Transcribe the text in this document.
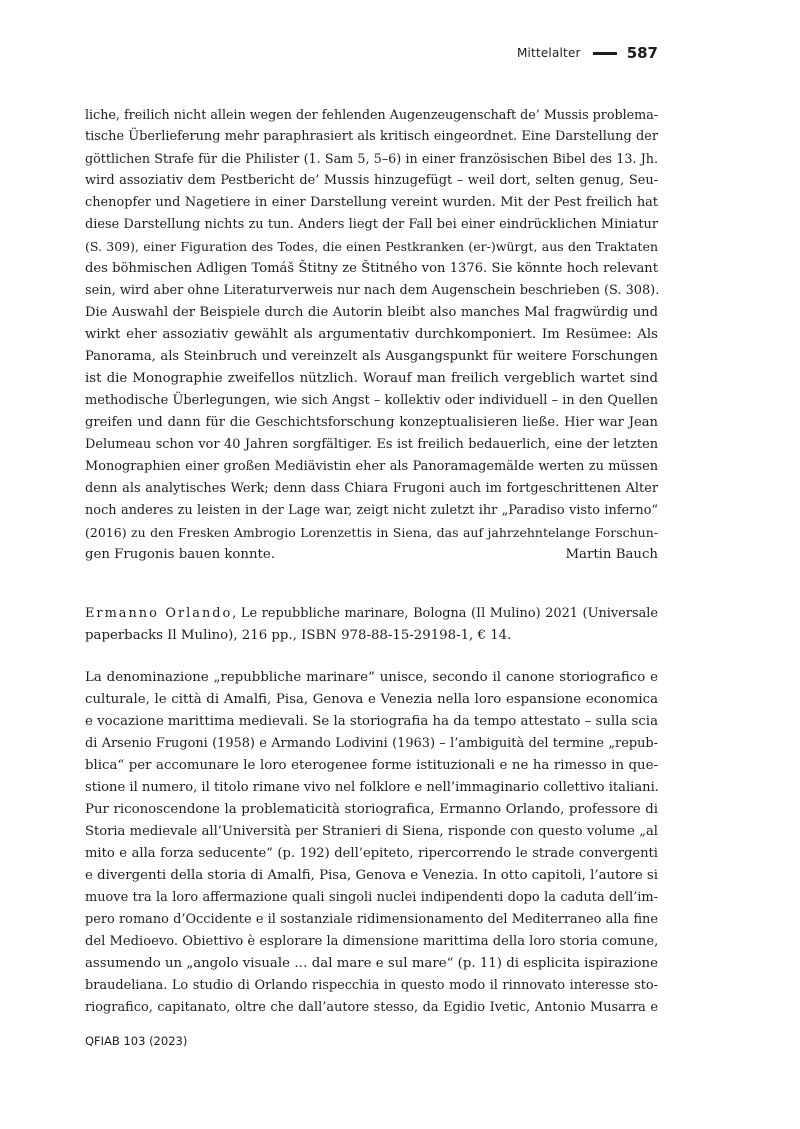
Mittelalter	587
liche, freilich nicht allein wegen der fehlenden Augenzeugenschaft de’ Mussis problema-
tische Überlieferung mehr paraphrasiert als kritisch eingeordnet. Eine Darstellung der
göttlichen Strafe für die Philister (1. Sam 5, 5–6) in einer französischen Bibel des 13. Jh.
wird assoziativ dem Pestbericht de’ Mussis hinzugefügt – weil dort, selten genug, Seu-
chenopfer und Nagetiere in einer Darstellung vereint wurden. Mit der Pest freilich hat
diese Darstellung nichts zu tun. Anders liegt der Fall bei einer eindrücklichen Miniatur
(S. 309), einer Figuration des Todes, die einen Pestkranken (er-)würgt, aus den Traktaten
des böhmischen Adligen Tomáš Štitny ze Štitného von 1376. Sie könnte hoch relevant
sein, wird aber ohne Literaturverweis nur nach dem Augenschein beschrieben (S. 308).
Die Auswahl der Beispiele durch die Autorin bleibt also manches Mal fragwürdig und
wirkt eher assoziativ gewählt als argumentativ durchkomponiert. Im Resümee: Als
Panorama, als Steinbruch und vereinzelt als Ausgangspunkt für weitere Forschungen
ist die Monographie zweifellos nützlich. Worauf man freilich vergeblich wartet sind
methodische Überlegungen, wie sich Angst – kollektiv oder individuell – in den Quellen
greifen und dann für die Geschichtsforschung konzeptualisieren ließe. Hier war Jean
Delumeau schon vor 40 Jahren sorgfältiger. Es ist freilich bedauerlich, eine der letzten
Monographien einer großen Mediävistin eher als Panoramagemälde werten zu müssen
denn als analytisches Werk; denn dass Chiara Frugoni auch im fortgeschrittenen Alter
noch anderes zu leisten in der Lage war, zeigt nicht zuletzt ihr „Paradiso visto inferno“
(2016) zu den Fresken Ambrogio Lorenzettis in Siena, das auf jahrzehntelange Forschun-
gen Frugonis bauen konnte.	Martin Bauch
Ermanno Orlando, Le repubbliche marinare, Bologna (Il Mulino) 2021 (Universale
paperbacks Il Mulino), 216 pp., ISBN 978-88-15-29198-1, € 14.
La denominazione „repubbliche marinare“ unisce, secondo il canone storiografico e
culturale, le città di Amalfi, Pisa, Genova e Venezia nella loro espansione economica
e vocazione marittima medievali. Se la storiografia ha da tempo attestato – sulla scia
di Arsenio Frugoni (1958) e Armando Lodivini (1963) – l’ambiguità del termine „repub-
blica“ per accomunare le loro eterogenee forme istituzionali e ne ha rimesso in que-
stione il numero, il titolo rimane vivo nel folklore e nell’immaginario collettivo italiani.
Pur riconoscendone la problematicità storiografica, Ermanno Orlando, professore di
Storia medievale all’Università per Stranieri di Siena, risponde con questo volume „al
mito e alla forza seducente“ (p. 192) dell’epiteto, ripercorrendo le strade convergenti
e divergenti della storia di Amalfi, Pisa, Genova e Venezia. In otto capitoli, l’autore si
muove tra la loro affermazione quali singoli nuclei indipendenti dopo la caduta dell’im-
pero romano d’Occidente e il sostanziale ridimensionamento del Mediterraneo alla fine
del Medioevo. Obiettivo è esplorare la dimensione marittima della loro storia comune,
assumendo un „angolo visuale … dal mare e sul mare“ (p. 11) di esplicita ispirazione
braudeliana. Lo studio di Orlando rispecchia in questo modo il rinnovato interesse sto-
riografico, capitanato, oltre che dall’autore stesso, da Egidio Ivetic, Antonio Musarra e
QFIAB 103 (2023)
